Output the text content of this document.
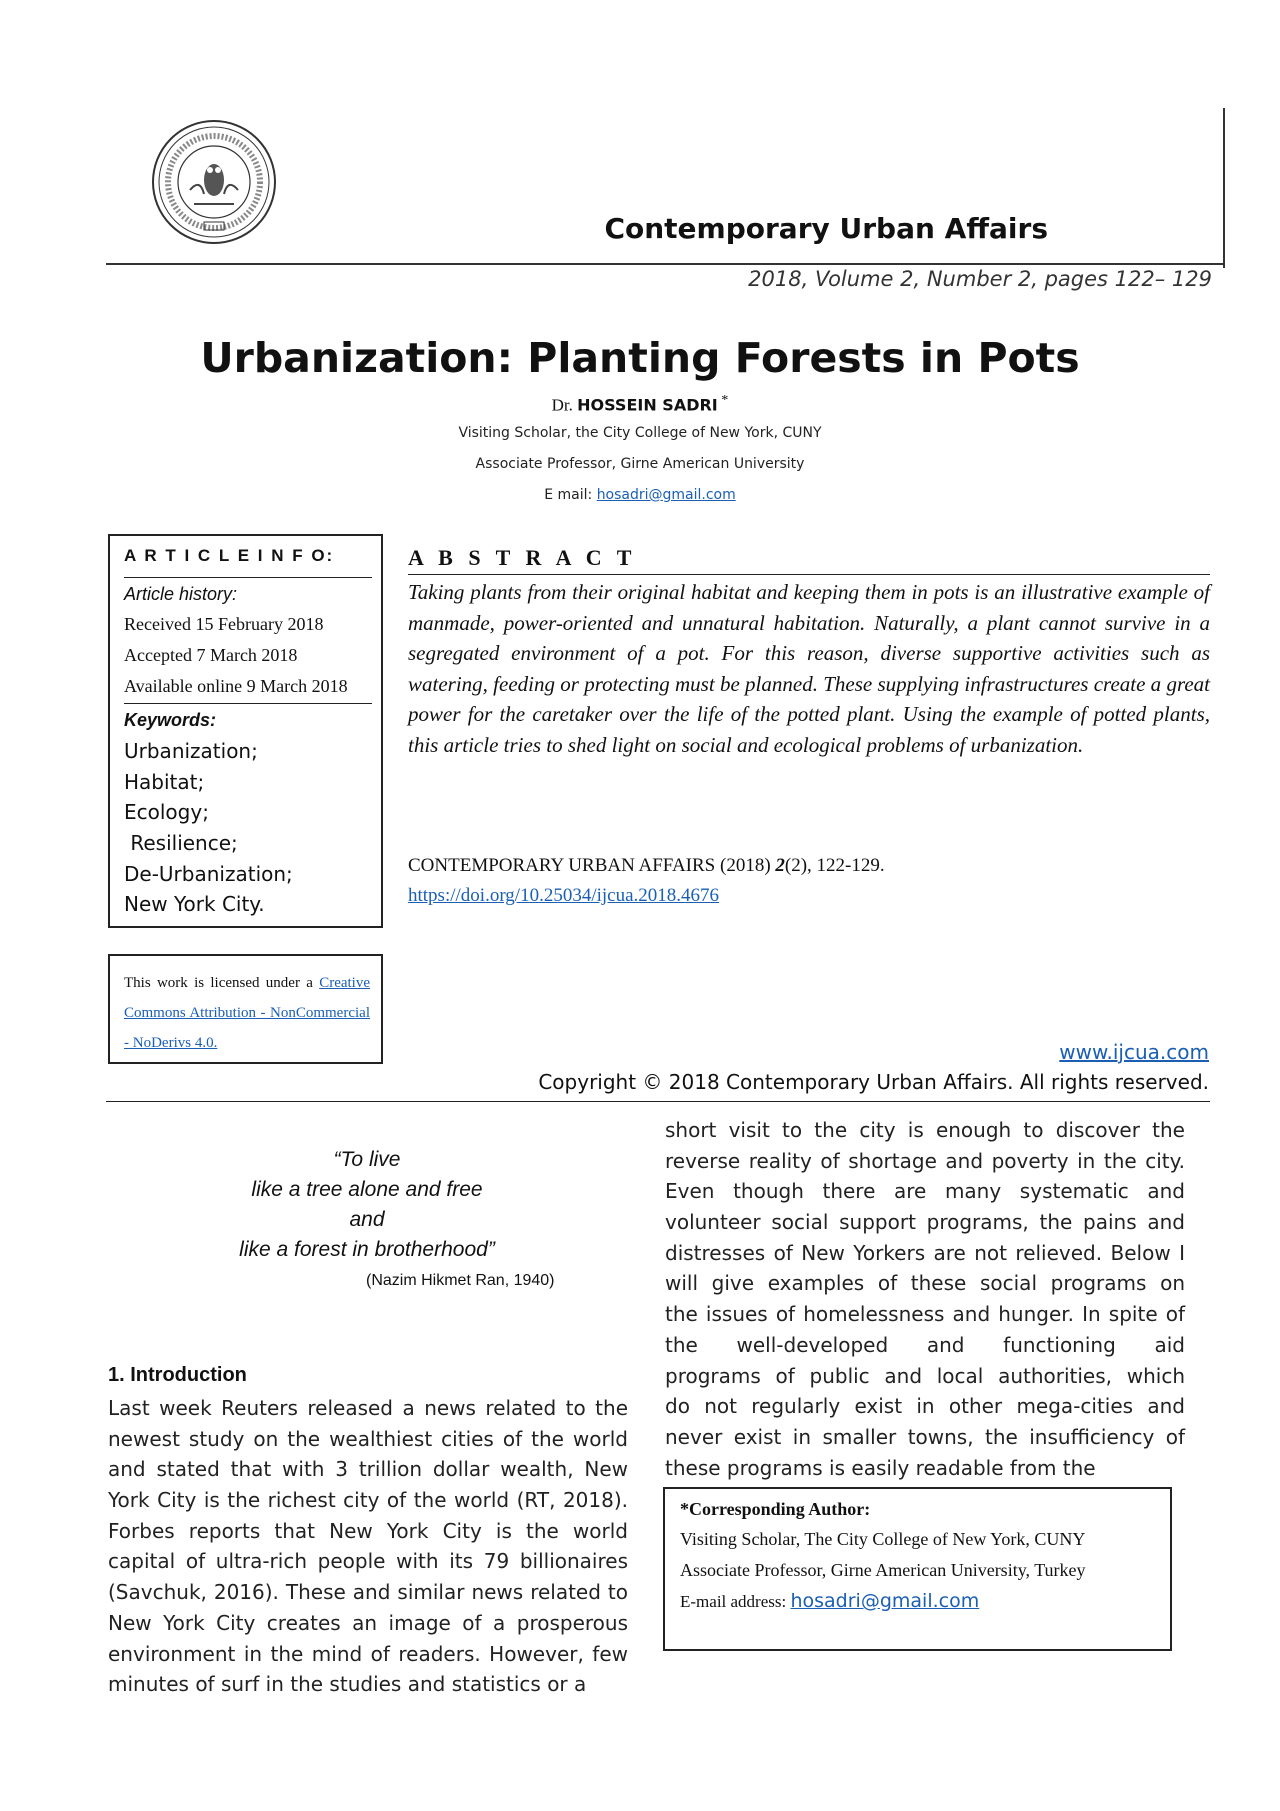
Contemporary Urban Affairs
2018, Volume 2, Number 2, pages 122– 129
Urbanization: Planting Forests in Pots
Dr. HOSSEIN SADRI *
Visiting Scholar, the City College of New York, CUNY
Associate Professor, Girne American University
E mail: hosadri@gmail.com
A R T I C L E I N F O:
Article history:
Received 15 February 2018
Accepted 7 March 2018
Available online 9 March 2018
Keywords:
Urbanization;
Habitat;
Ecology;
Resilience;
De-Urbanization;
New York City.
This work is licensed under a Creative Commons Attribution - NonCommercial - NoDerivs 4.0.
A B S T R A C T
Taking plants from their original habitat and keeping them in pots is an illustrative example of manmade, power-oriented and unnatural habitation. Naturally, a plant cannot survive in a segregated environment of a pot. For this reason, diverse supportive activities such as watering, feeding or protecting must be planned. These supplying infrastructures create a great power for the caretaker over the life of the potted plant. Using the example of potted plants, this article tries to shed light on social and ecological problems of urbanization.
CONTEMPORARY URBAN AFFAIRS (2018) 2(2), 122-129.
https://doi.org/10.25034/ijcua.2018.4676
www.ijcua.com
Copyright © 2018 Contemporary Urban Affairs. All rights reserved.
“To live
like a tree alone and free
and
like a forest in brotherhood”
(Nazim Hikmet Ran, 1940)
1. Introduction
Last week Reuters released a news related to the
newest study on the wealthiest cities of the world
and stated that with 3 trillion dollar wealth, New
York City is the richest city of the world (RT, 2018).
Forbes reports that New York City is the world
capital of ultra-rich people with its 79 billionaires
(Savchuk, 2016). These and similar news related to
New York City creates an image of a prosperous
environment in the mind of readers. However, few
minutes of surf in the studies and statistics or a
short visit to the city is enough to discover the
reverse reality of shortage and poverty in the city.
Even though there are many systematic and
volunteer social support programs, the pains and
distresses of New Yorkers are not relieved. Below I
will give examples of these social programs on
the issues of homelessness and hunger. In spite of
the well-developed and functioning aid
programs of public and local authorities, which
do not regularly exist in other mega-cities and
never exist in smaller towns, the insufficiency of
these programs is easily readable from the
*Corresponding Author:
Visiting Scholar, The City College of New York, CUNY
Associate Professor, Girne American University, Turkey
E-mail address: hosadri@gmail.com
